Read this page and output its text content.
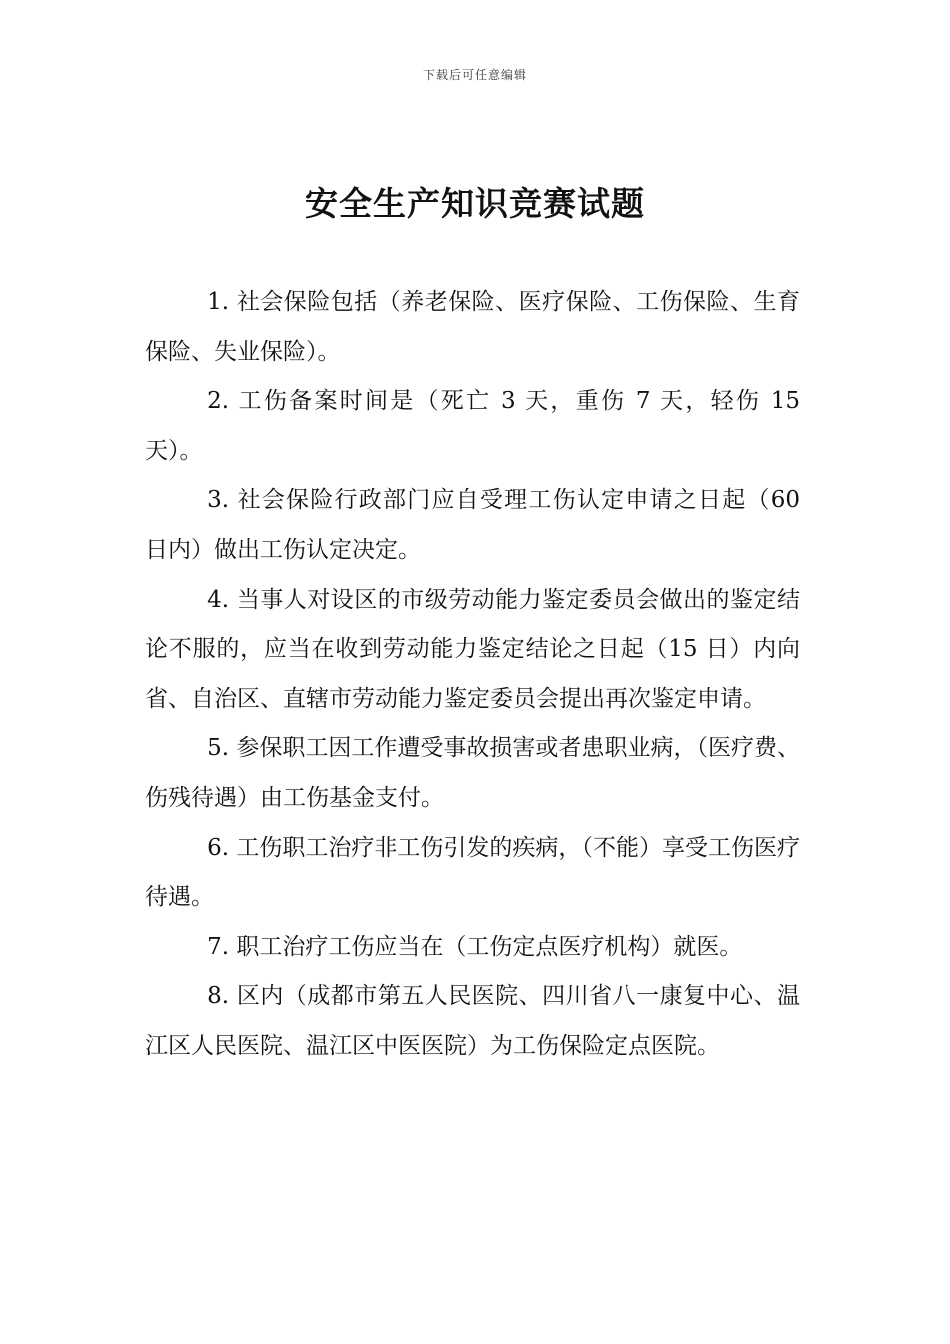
下载后可任意编辑
安全生产知识竞赛试题

1. 社会保险包括（养老保险、医疗保险、工伤保险、生育保险、失业保险）。

2. 工伤备案时间是（死亡 3 天，重伤 7 天，轻伤 15 天）。

3. 社会保险行政部门应自受理工伤认定申请之日起（60 日内）做出工伤认定决定。

4. 当事人对设区的市级劳动能力鉴定委员会做出的鉴定结论不服的，应当在收到劳动能力鉴定结论之日起（15 日）内向省、自治区、直辖市劳动能力鉴定委员会提出再次鉴定申请。

5. 参保职工因工作遭受事故损害或者患职业病，（医疗费、伤残待遇）由工伤基金支付。

6. 工伤职工治疗非工伤引发的疾病，（不能）享受工伤医疗待遇。

7. 职工治疗工伤应当在（工伤定点医疗机构）就医。

8. 区内（成都市第五人民医院、四川省八一康复中心、温江区人民医院、温江区中医医院）为工伤保险定点医院。
